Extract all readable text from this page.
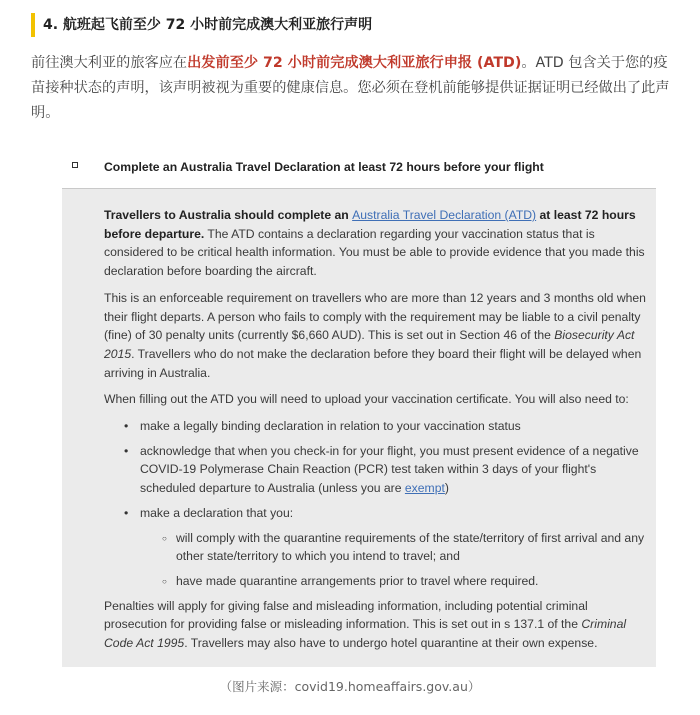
4. 航班起飞前至少 72 小时前完成澳大利亚旅行声明
前往澳大利亚的旅客应在出发前至少 72 小时前完成澳大利亚旅行申报 (ATD)。ATD 包含关于您的疫苗接种状态的声明，该声明被视为重要的健康信息。您必须在登机前能够提供证据证明已经做出了此声明。
Complete an Australia Travel Declaration at least 72 hours before your flight

Travellers to Australia should complete an Australia Travel Declaration (ATD) at least 72 hours before departure. The ATD contains a declaration regarding your vaccination status that is considered to be critical health information. You must be able to provide evidence that you made this declaration before boarding the aircraft.

This is an enforceable requirement on travellers who are more than 12 years and 3 months old when their flight departs. A person who fails to comply with the requirement may be liable to a civil penalty (fine) of 30 penalty units (currently $6,660 AUD). This is set out in Section 46 of the Biosecurity Act 2015. Travellers who do not make the declaration before they board their flight will be delayed when arriving in Australia.

When filling out the ATD you will need to upload your vaccination certificate. You will also need to:

• make a legally binding declaration in relation to your vaccination status
• acknowledge that when you check-in for your flight, you must present evidence of a negative COVID-19 Polymerase Chain Reaction (PCR) test taken within 3 days of your flight's scheduled departure to Australia (unless you are exempt)
• make a declaration that you:
○ will comply with the quarantine requirements of the state/territory of first arrival and any other state/territory to which you intend to travel; and
○ have made quarantine arrangements prior to travel where required.

Penalties will apply for giving false and misleading information, including potential criminal prosecution for providing false or misleading information. This is set out in s 137.1 of the Criminal Code Act 1995. Travellers may also have to undergo hotel quarantine at their own expense.

（图片来源：covid19.homeaffairs.gov.au）
